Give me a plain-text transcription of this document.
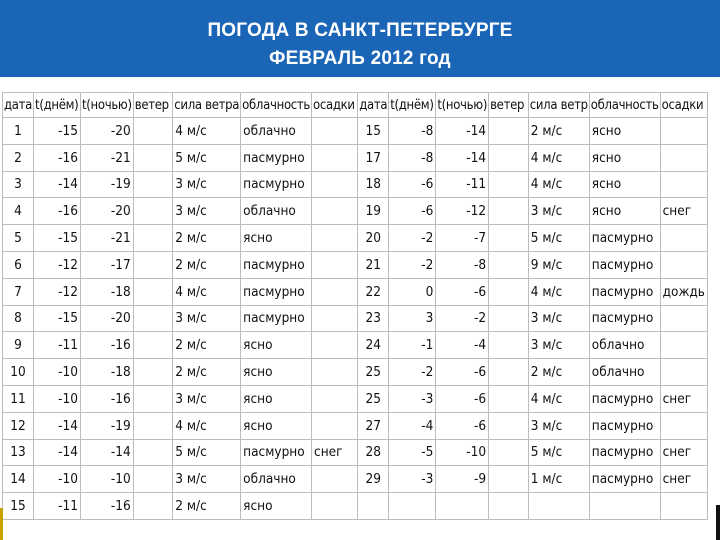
ПОГОДА В САНКТ-ПЕТЕРБУРГЕ
ФЕВРАЛЬ 2012 год
дата	t(днём)	t(ночью)	ветер	сила ветра	облачность	осадки	дата	t(днём)	t(ночью)	ветер	сила ветр	облачность	осадки
1	-15	-20		4 м/с	облачно		15	-8	-14		2 м/с	ясно	
2	-16	-21		5 м/с	пасмурно		17	-8	-14		4 м/с	ясно	
3	-14	-19		3 м/с	пасмурно		18	-6	-11		4 м/с	ясно	
4	-16	-20		3 м/с	облачно		19	-6	-12		3 м/с	ясно	снег
5	-15	-21		2 м/с	ясно		20	-2	-7		5 м/с	пасмурно	
6	-12	-17		2 м/с	пасмурно		21	-2	-8		9 м/с	пасмурно	
7	-12	-18		4 м/с	пасмурно		22	0	-6		4 м/с	пасмурно	дождь
8	-15	-20		3 м/с	пасмурно		23	3	-2		3 м/с	пасмурно	
9	-11	-16		2 м/с	ясно		24	-1	-4		3 м/с	облачно	
10	-10	-18		2 м/с	ясно		25	-2	-6		2 м/с	облачно	
11	-10	-16		3 м/с	ясно		25	-3	-6		4 м/с	пасмурно	снег
12	-14	-19		4 м/с	ясно		27	-4	-6		3 м/с	пасмурно	
13	-14	-14		5 м/с	пасмурно	снег	28	-5	-10		5 м/с	пасмурно	снег
14	-10	-10		3 м/с	облачно		29	-3	-9		1 м/с	пасмурно	снег
15	-11	-16		2 м/с	ясно								
